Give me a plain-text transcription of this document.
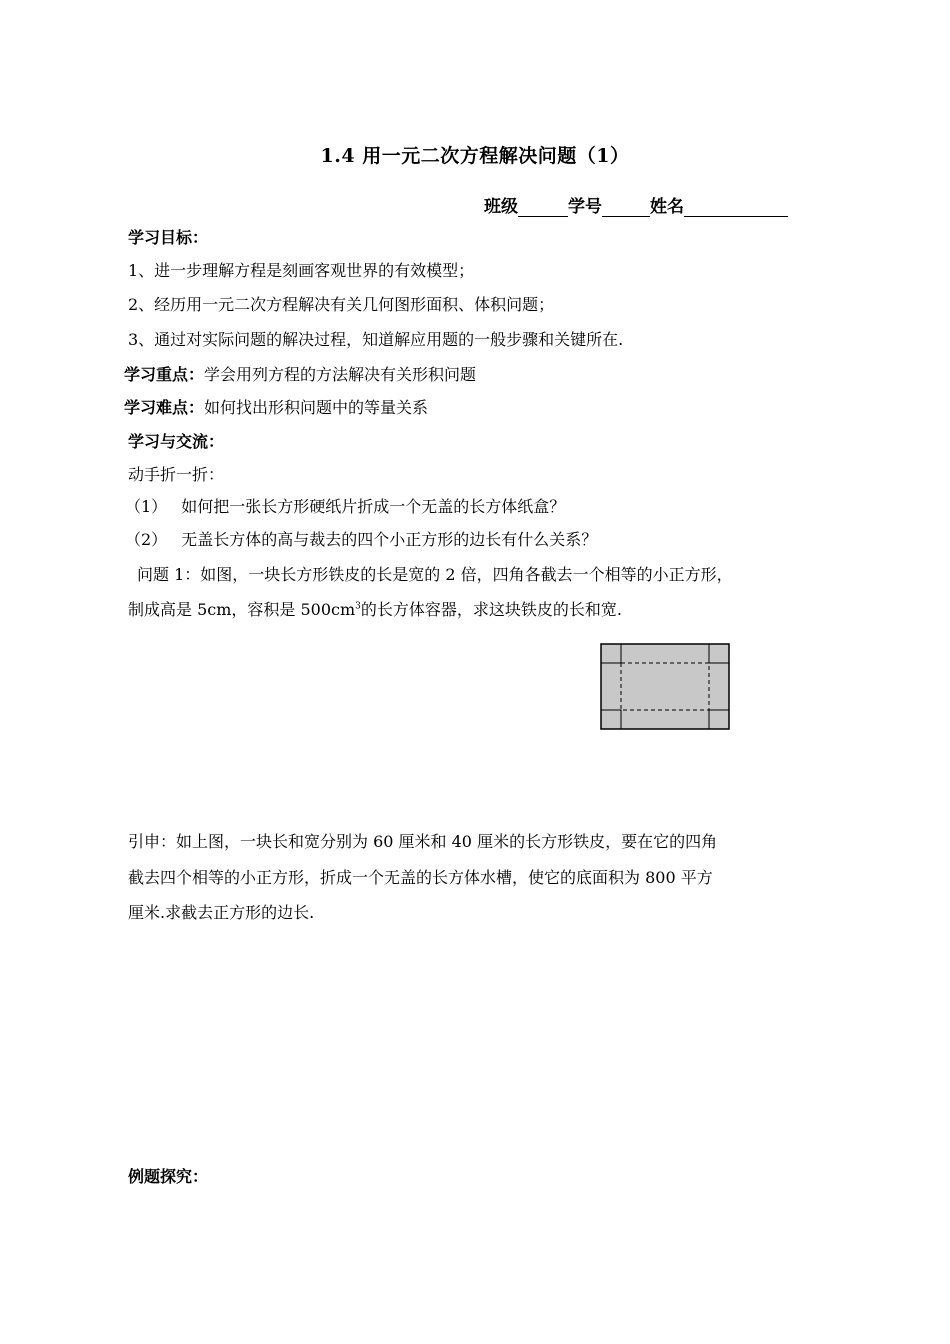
1.4 用一元二次方程解决问题（1）
班级	学号	姓名
学习目标：
1、进一步理解方程是刻画客观世界的有效模型；
2、经历用一元二次方程解决有关几何图形面积、体积问题；
3、通过对实际问题的解决过程，知道解应用题的一般步骤和关键所在.
学习重点：学会用列方程的方法解决有关形积问题
学习难点：如何找出形积问题中的等量关系
学习与交流：
动手折一折：
（1） 如何把一张长方形硬纸片折成一个无盖的长方体纸盒？
（2） 无盖长方体的高与裁去的四个小正方形的边长有什么关系？
问题 1：如图，一块长方形铁皮的长是宽的 2 倍，四角各截去一个相等的小正方形，
制成高是 5cm，容积是 $500cm^3$的长方体容器，求这块铁皮的长和宽.
引申：如上图，一块长和宽分别为 60 厘米和 40 厘米的长方形铁皮，要在它的四角
截去四个相等的小正方形，折成一个无盖的长方体水槽，使它的底面积为 800 平方
厘米.求截去正方形的边长.
例题探究：
